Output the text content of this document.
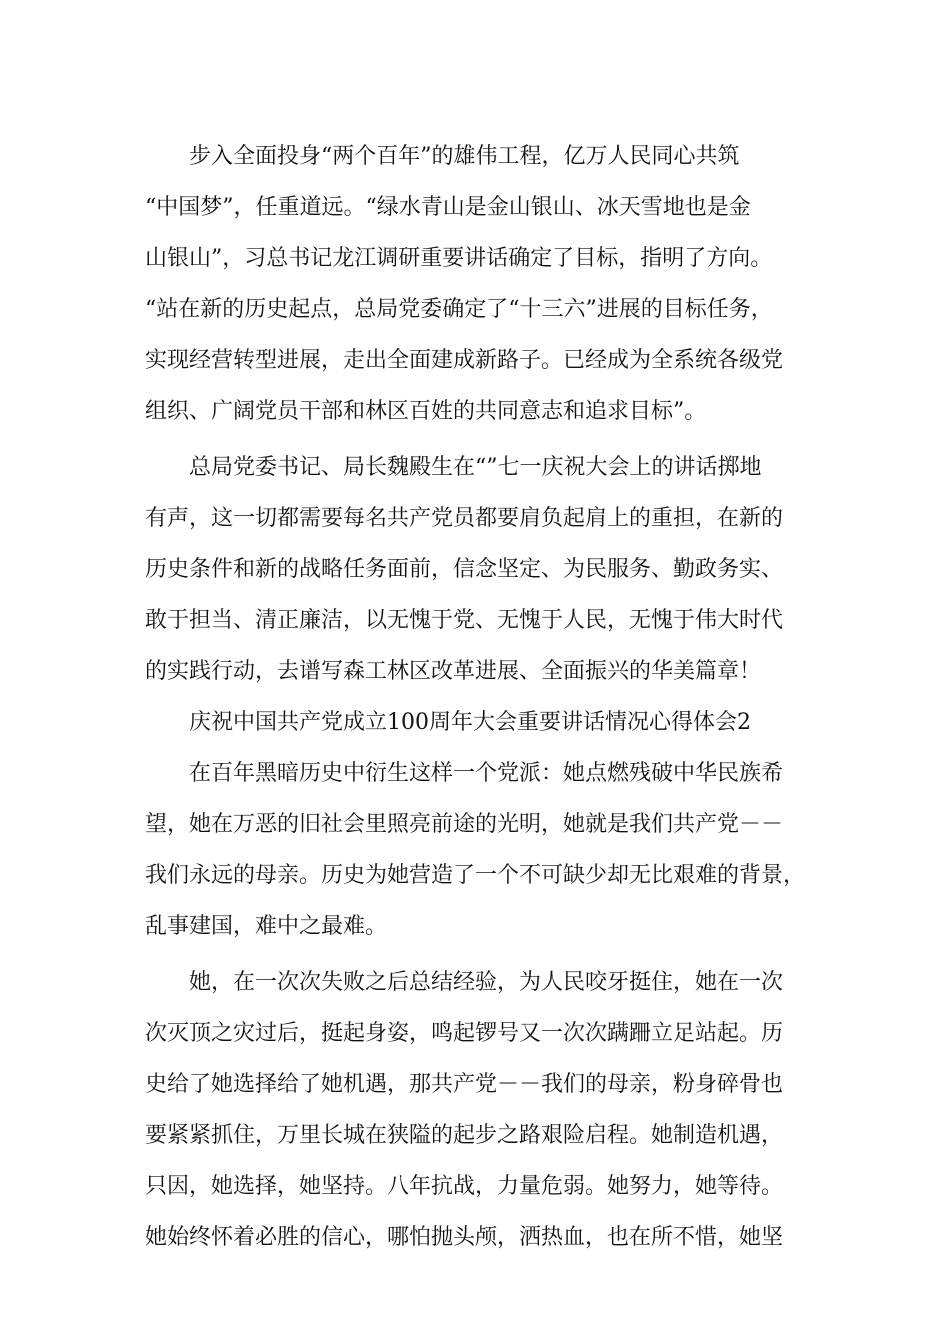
步入全面投身“两个百年”的雄伟工程，亿万人民同心共筑
“中国梦”，任重道远。“绿水青山是金山银山、冰天雪地也是金
山银山”，习总书记龙江调研重要讲话确定了目标，指明了方向。
“站在新的历史起点，总局党委确定了“十三六”进展的目标任务，
实现经营转型进展，走出全面建成新路子。已经成为全系统各级党
组织、广阔党员干部和林区百姓的共同意志和追求目标”。

总局党委书记、局长魏殿生在“”七一庆祝大会上的讲话掷地
有声，这一切都需要每名共产党员都要肩负起肩上的重担，在新的
历史条件和新的战略任务面前，信念坚定、为民服务、勤政务实、
敢于担当、清正廉洁，以无愧于党、无愧于人民，无愧于伟大时代
的实践行动，去谱写森工林区改革进展、全面振兴的华美篇章！

庆祝中国共产党成立100周年大会重要讲话情况心得体会2

在百年黑暗历史中衍生这样一个党派：她点燃残破中华民族希
望，她在万恶的旧社会里照亮前途的光明，她就是我们共产党－－
我们永远的母亲。历史为她营造了一个不可缺少却无比艰难的背景，
乱事建国，难中之最难。

她，在一次次失败之后总结经验，为人民咬牙挺住，她在一次
次灭顶之灾过后，挺起身姿，鸣起锣号又一次次蹒跚立足站起。历
史给了她选择给了她机遇，那共产党－－我们的母亲，粉身碎骨也
要紧紧抓住，万里长城在狭隘的起步之路艰险启程。她制造机遇，
只因，她选择，她坚持。八年抗战，力量危弱。她努力，她等待。
她始终怀着必胜的信心，哪怕抛头颅，洒热血，也在所不惜，她坚
